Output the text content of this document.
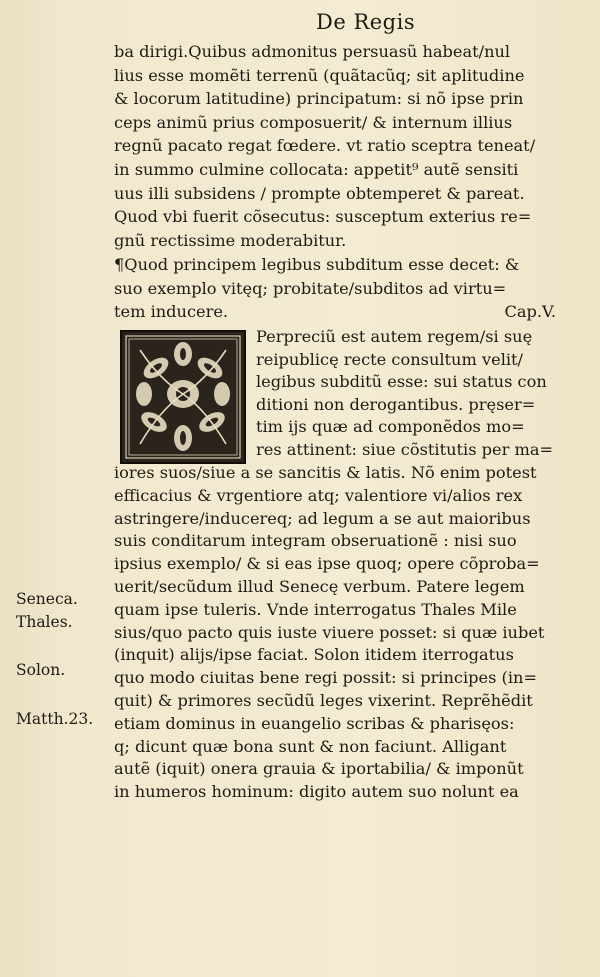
De Regis
ba dirigi.Quibus admonitus persuasũ habeat/nul
lius esse momẽti terrenũ (quãtacũq; sit aplitudine
& locorum latitudine) principatum: si nõ ipse prin
ceps animũ prius composuerit/ & internum illius
regnũ pacato regat fœdere. vt ratio sceptra teneat/
in summo culmine collocata: appetit⁹ autẽ sensiti
uus illi subsidens / prompte obtemperet & pareat.
Quod vbi fuerit cõsecutus: susceptum exterius re=
gnũ rectissime moderabitur.
¶Quod principem legibus subditum esse decet: &
suo exemplo vitęq; probitate/subditos ad virtu=
tem inducere.	Cap.V.
Perpreciũ est autem regem/si suę
reipublicę recte consultum velit/
legibus subditũ esse: sui status con
ditioni non derogantibus. pręser=
tim ijs quæ ad componẽdos mo=
res attinent: siue cõstitutis per ma=
iores suos/siue a se sancitis & latis. Nõ enim potest
efficacius & vrgentiore atq; valentiore vi/alios rex
astringere/inducereq; ad legum a se aut maioribus
suis conditarum integram obseruationẽ : nisi suo
ipsius exemplo/ & si eas ipse quoq; opere cõproba=
uerit/secũdum illud Senecę verbum. Patere legem
quam ipse tuleris. Vnde interrogatus Thales Mile
sius/quo pacto quis iuste viuere posset: si quæ iubet
(inquit) alijs/ipse faciat. Solon itidem iterrogatus
quo modo ciuitas bene regi possit: si principes (in=
quit) & primores secũdũ leges vixerint. Reprẽhẽdit
etiam dominus in euangelio scribas & pharisęos:
q; dicunt quæ bona sunt & non faciunt. Alligant
autẽ (iquit) onera grauia & iportabilia/ & imponũt
in humeros hominum: digito autem suo nolunt ea
Seneca.
Thales.
Solon.
Matth.23.
